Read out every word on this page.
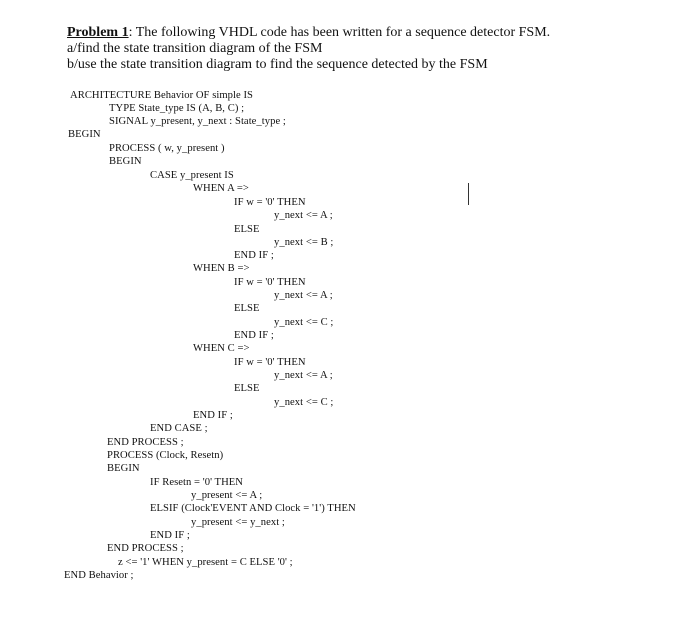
Problem 1: The following VHDL code has been written for a sequence detector FSM.
a/find the state transition diagram of the FSM
b/use the state transition diagram to find the sequence detected by the FSM
ARCHITECTURE Behavior OF simple IS
TYPE State_type IS (A, B, C) ;
SIGNAL y_present, y_next : State_type ;
BEGIN
PROCESS ( w, y_present )
BEGIN
CASE y_present IS
WHEN A =>
IF w = '0' THEN
y_next <= A ;
ELSE
y_next <= B ;
END IF ;
WHEN B =>
IF w = '0' THEN
y_next <= A ;
ELSE
y_next <= C ;
END IF ;
WHEN C =>
IF w = '0' THEN
y_next <= A ;
ELSE
y_next <= C ;
END IF ;
END CASE ;
END PROCESS ;
PROCESS (Clock, Resetn)
BEGIN
IF Resetn = '0' THEN
y_present <= A ;
ELSIF (Clock'EVENT AND Clock = '1') THEN
y_present <= y_next ;
END IF ;
END PROCESS ;
z <= '1' WHEN y_present = C ELSE '0' ;
END Behavior ;
